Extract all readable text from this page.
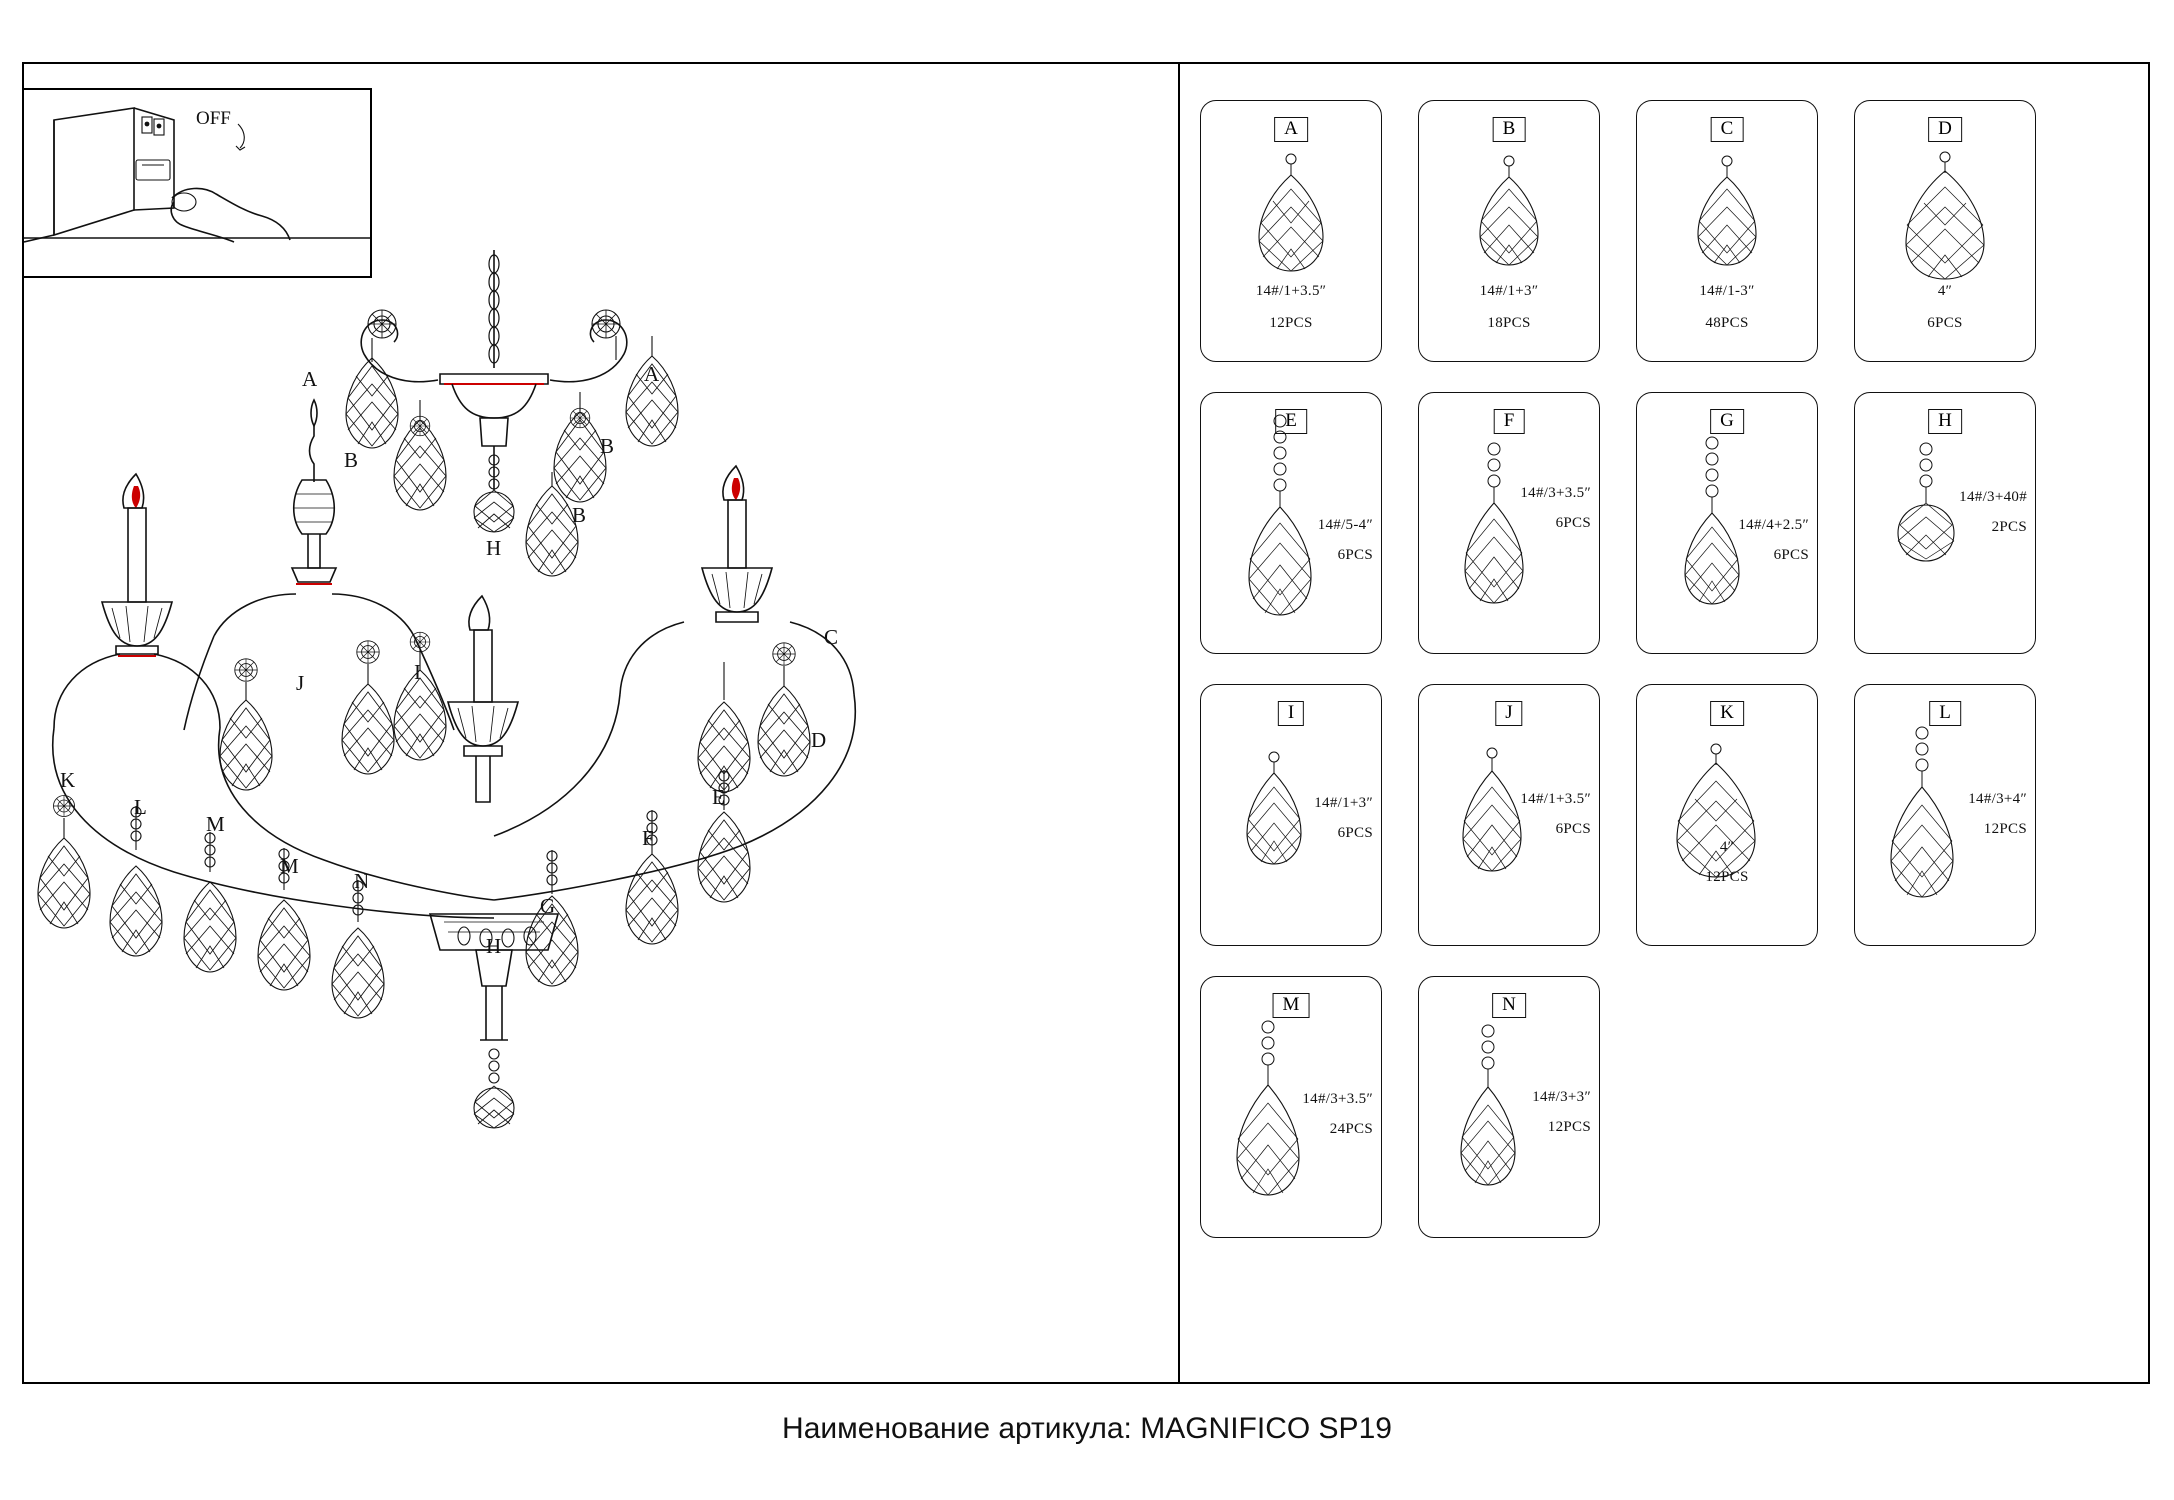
OFF
A	A
B
B
B
C
D
E
F
G
H
H
I
J
K
L
M
M
N
A
14#/1+3.5″
12PCS
B
14#/1+3″
18PCS
C
14#/1-3″
48PCS
D
4″
6PCS
E
14#/5-4″
6PCS
F
14#/3+3.5″
6PCS
G
14#/4+2.5″
6PCS
H
14#/3+40#
2PCS
I
14#/1+3″
6PCS
J
14#/1+3.5″
6PCS
K
4″
12PCS
L
14#/3+4″
12PCS
M
14#/3+3.5″
24PCS
N
14#/3+3″
12PCS
Наименование артикула: MAGNIFICO SP19
